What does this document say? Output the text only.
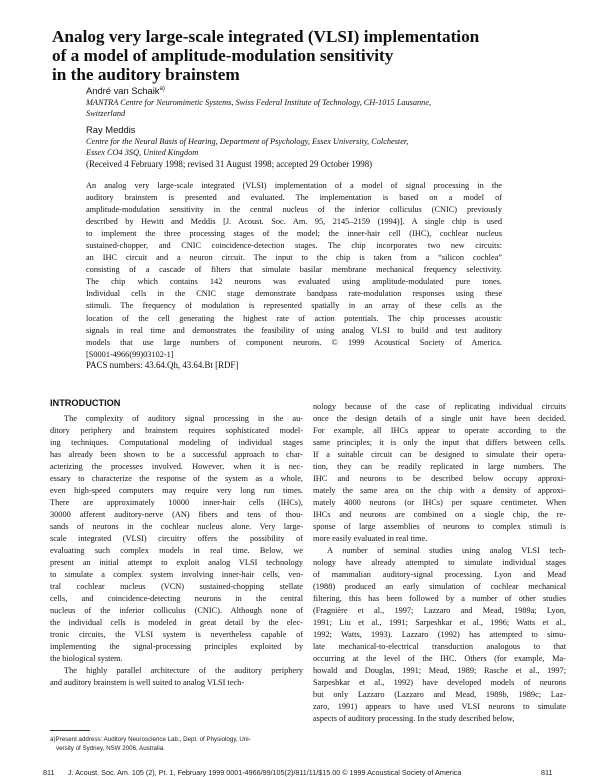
Analog very large-scale integrated (VLSI) implementation
of a model of amplitude-modulation sensitivity
in the auditory brainstem
André van Schaik$^{a)}$
MANTRA Centre for Neuromimetic Systems, Swiss Federal Institute of Technology, CH-1015 Lausanne,
Switzerland
Ray Meddis
Centre for the Neural Basis of Hearing, Department of Psychology, Essex University, Colchester,
Essex CO4 3SQ, United Kingdom
(Received 4 February 1998; revised 31 August 1998; accepted 29 October 1998)
An analog very large-scale integrated (VLSI) implementation of a model of signal processing in the
auditory brainstem is presented and evaluated. The implementation is based on a model of
amplitude-modulation sensitivity in the central nucleus of the inferior colliculus (CNIC) previously
described by Hewitt and Meddis [J. Acoust. Soc. Am. 95, 2145–2159 (1994)]. A single chip is used
to implement the three processing stages of the model; the inner-hair cell (IHC), cochlear nucleus
sustained-chopper, and CNIC coincidence-detection stages. The chip incorporates two new circuits:
an IHC circuit and a neuron circuit. The input to the chip is taken from a “silicon cochlea”
consisting of a cascade of filters that simulate basilar membrane mechanical frequency selectivity.
The chip which contains 142 neurons was evaluated using amplitude-modulated pure tones.
Individual cells in the CNIC stage demonstrate bandpass rate-modulation responses using these
stimuli. The frequency of modulation is represented spatially in an array of these cells as the
location of the cell generating the highest rate of action potentials. The chip processes acoustic
signals in real time and demonstrates the feasibility of using analog VLSI to build and test auditory
models that use large numbers of component neurons. © 1999 Acoustical Society of America.
[S0001-4966(99)03102-1]
PACS numbers: 43.64.Qh, 43.64.Bt [RDF]
INTRODUCTION
The complexity of auditory signal processing in the au-
ditory periphery and brainstem requires sophisticated model-
ing techniques. Computational modeling of individual stages
has already been shown to be a successful approach to char-
acterizing the processes involved. However, when it is nec-
essary to characterize the response of the system as a whole,
even high-speed computers may require very long run times.
There are approximately 10000 inner-hair cells (IHCs),
30000 afferent auditory-nerve (AN) fibers and tens of thou-
sands of neurons in the cochlear nucleus alone. Very large-
scale integrated (VLSI) circuitry offers the possibility of
evaluating such complex models in real time. Below, we
present an initial attempt to exploit analog VLSI technology
to simulate a complex system involving inner-hair cells, ven-
tral cochlear nucleus (VCN) sustained-chopping stellate
cells, and coincidence-detecting neurons in the central
nucleus of the inferior colliculus (CNIC). Although none of
the individual cells is modeled in great detail by the elec-
tronic circuits, the VLSI system is nevertheless capable of
implementing the signal-processing principles exploited by
the biological system.
The highly parallel architecture of the auditory periphery
and auditory brainstem is well suited to analog VLSI tech-
nology because of the case of replicating individual circuits
once the design details of a single unit have been decided.
For example, all IHCs appear to operate according to the
same principles; it is only the input that differs between cells.
If a suitable circuit can be designed to simulate their opera-
tion, they can be readily replicated in large numbers. The
IHC and neurons to be described below occupy approxi-
mately the same area on the chip with a density of approxi-
mately 4000 neurons (or IHCs) per square centimeter. When
IHCs and neurons are combined on a single chip, the re-
sponse of large assemblies of neurons to complex stimuli is
more easily evaluated in real time.
A number of seminal studies using analog VLSI tech-
nology have already attempted to simulate individual stages
of mammalian auditory-signal processing. Lyon and Mead
(1988) produced an early simulation of cochlear mechanical
filtering, this has been followed by a number of other studies
(Fragnière et al., 1997; Lazzaro and Mead, 1989a; Lyon,
1991; Liu et al., 1991; Sarpeshkar et al., 1996; Watts et al.,
1992; Watts, 1993). Lazzaro (1992) has attempted to simu-
late mechanical-to-electrical transduction analogous to that
occurring at the level of the IHC. Others (for example, Ma-
howald and Douglas, 1991; Mead, 1989; Rasche et al., 1997;
Sarpeshkar et al., 1992) have developed models of neurons
but only Lazzaro (Lazzaro and Mead, 1989b, 1989c; Laz-
zaro, 1991) appears to have used VLSI neurons to simulate
aspects of auditory processing. In the study described below,
a)Present address: Auditory Neuroscience Lab., Dept. of Physiology, Uni-
versity of Sydney, NSW 2006, Australia.
811 J. Acoust. Soc. Am. 105 (2), Pt. 1, February 1999 0001-4966/99/105(2)/811/11/$15.00 © 1999 Acoustical Society of America	811
